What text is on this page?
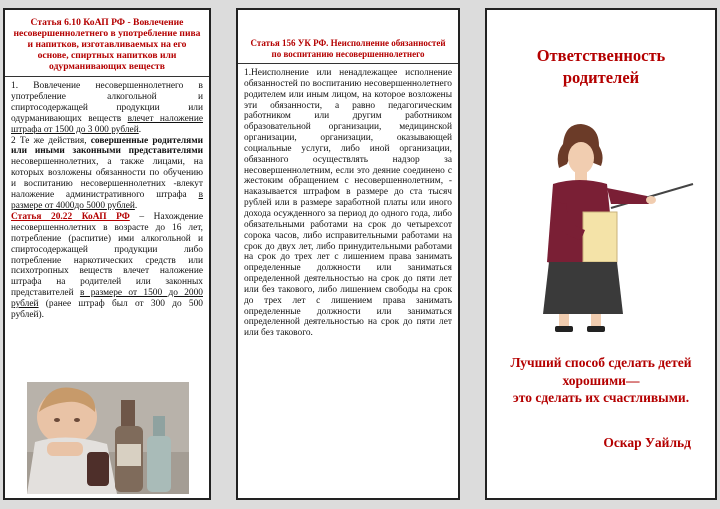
Статья 6.10 КоАП РФ - Вовлечение несовершеннолетнего в употребление пива и напитков, изготавливаемых на его основе, спиртных напитков или одурманивающих веществ
1. Вовлечение несовершеннолетнего в употребление алкогольной и спиртосодержащей продукции или одурманивающих веществ влечет наложение штрафа от 1500 до 3 000 рублей.
2 Те же действия, совершенные родителями или иными законными представителями несовершеннолетних, а также лицами, на которых возложены обязанности по обучению и воспитанию несовершеннолетних -влекут наложение административного штрафа в размере от 4000до 5000 рублей.
Статья 20.22 КоАП РФ – Нахождение несовершеннолетних в возрасте до 16 лет, потребление (распитие) ими алкогольной и спиртосодержащей продукции либо потребление наркотических средств или психотропных веществ влечет наложение штрафа на родителей или законных представителей в размере от 1500 до 2000 рублей (ранее штраф был от 300 до 500 рублей).
Статья 156 УК РФ. Неисполнение обязанностей по воспитанию несовершеннолетнего
1.Неисполнение или ненадлежащее исполнение обязанностей по воспитанию несовершеннолетнего родителем или иным лицом, на которое возложены эти обязанности, а равно педагогическим работником или другим работником образовательной организации, медицинской организации, организации, оказывающей социальные услуги, либо иной организации, обязанного осуществлять надзор за несовершеннолетним, если это деяние соединено с жестоким обращением с несовершеннолетним, - наказывается штрафом в размере до ста тысяч рублей или в размере заработной платы или иного дохода осужденного за период до одного года, либо обязательными работами на срок до четырехсот сорока часов, либо исправительными работами на срок до двух лет, либо принудительными работами на срок до трех лет с лишением права занимать определенные должности или заниматься определенной деятельностью на срок до пяти лет или без такового, либо лишением свободы на срок до трех лет с лишением права занимать определенные должности или заниматься определенной деятельностью на срок до пяти лет или без такового.
Ответственность
родителей
Лучший способ сделать детей
хорошими—
это сделать их счастливыми.
Оскар Уайльд
